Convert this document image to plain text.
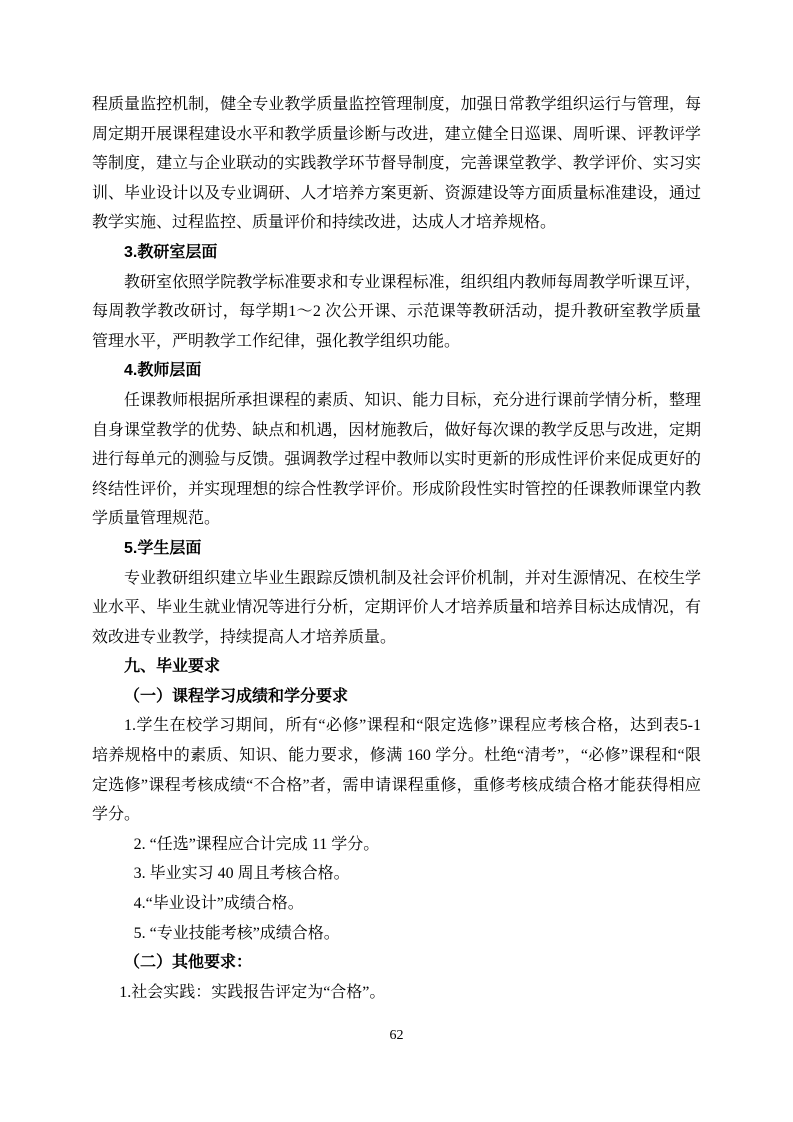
程质量监控机制，健全专业教学质量监控管理制度，加强日常教学组织运行与管理，每周定期开展课程建设水平和教学质量诊断与改进，建立健全日巡课、周听课、评教评学等制度，建立与企业联动的实践教学环节督导制度，完善课堂教学、教学评价、实习实训、毕业设计以及专业调研、人才培养方案更新、资源建设等方面质量标准建设，通过教学实施、过程监控、质量评价和持续改进，达成人才培养规格。

3.教研室层面

教研室依照学院教学标准要求和专业课程标准，组织组内教师每周教学听课互评，每周教学教改研讨，每学期1～2 次公开课、示范课等教研活动，提升教研室教学质量管理水平，严明教学工作纪律，强化教学组织功能。

4.教师层面

任课教师根据所承担课程的素质、知识、能力目标，充分进行课前学情分析，整理自身课堂教学的优势、缺点和机遇，因材施教后，做好每次课的教学反思与改进，定期进行每单元的测验与反馈。强调教学过程中教师以实时更新的形成性评价来促成更好的终结性评价，并实现理想的综合性教学评价。形成阶段性实时管控的任课教师课堂内教学质量管理规范。

5.学生层面

专业教研组织建立毕业生跟踪反馈机制及社会评价机制，并对生源情况、在校生学业水平、毕业生就业情况等进行分析，定期评价人才培养质量和培养目标达成情况，有效改进专业教学，持续提高人才培养质量。

九、毕业要求

（一）课程学习成绩和学分要求

1.学生在校学习期间，所有“必修”课程和“限定选修”课程应考核合格，达到表5-1 培养规格中的素质、知识、能力要求，修满 160 学分。杜绝“清考”，“必修”课程和“限定选修”课程考核成绩“不合格”者，需申请课程重修，重修考核成绩合格才能获得相应学分。

2. “任选”课程应合计完成 11 学分。

3. 毕业实习 40 周且考核合格。

4.“毕业设计”成绩合格。

5. “专业技能考核”成绩合格。

（二）其他要求：

1.社会实践：实践报告评定为“合格”。

62
